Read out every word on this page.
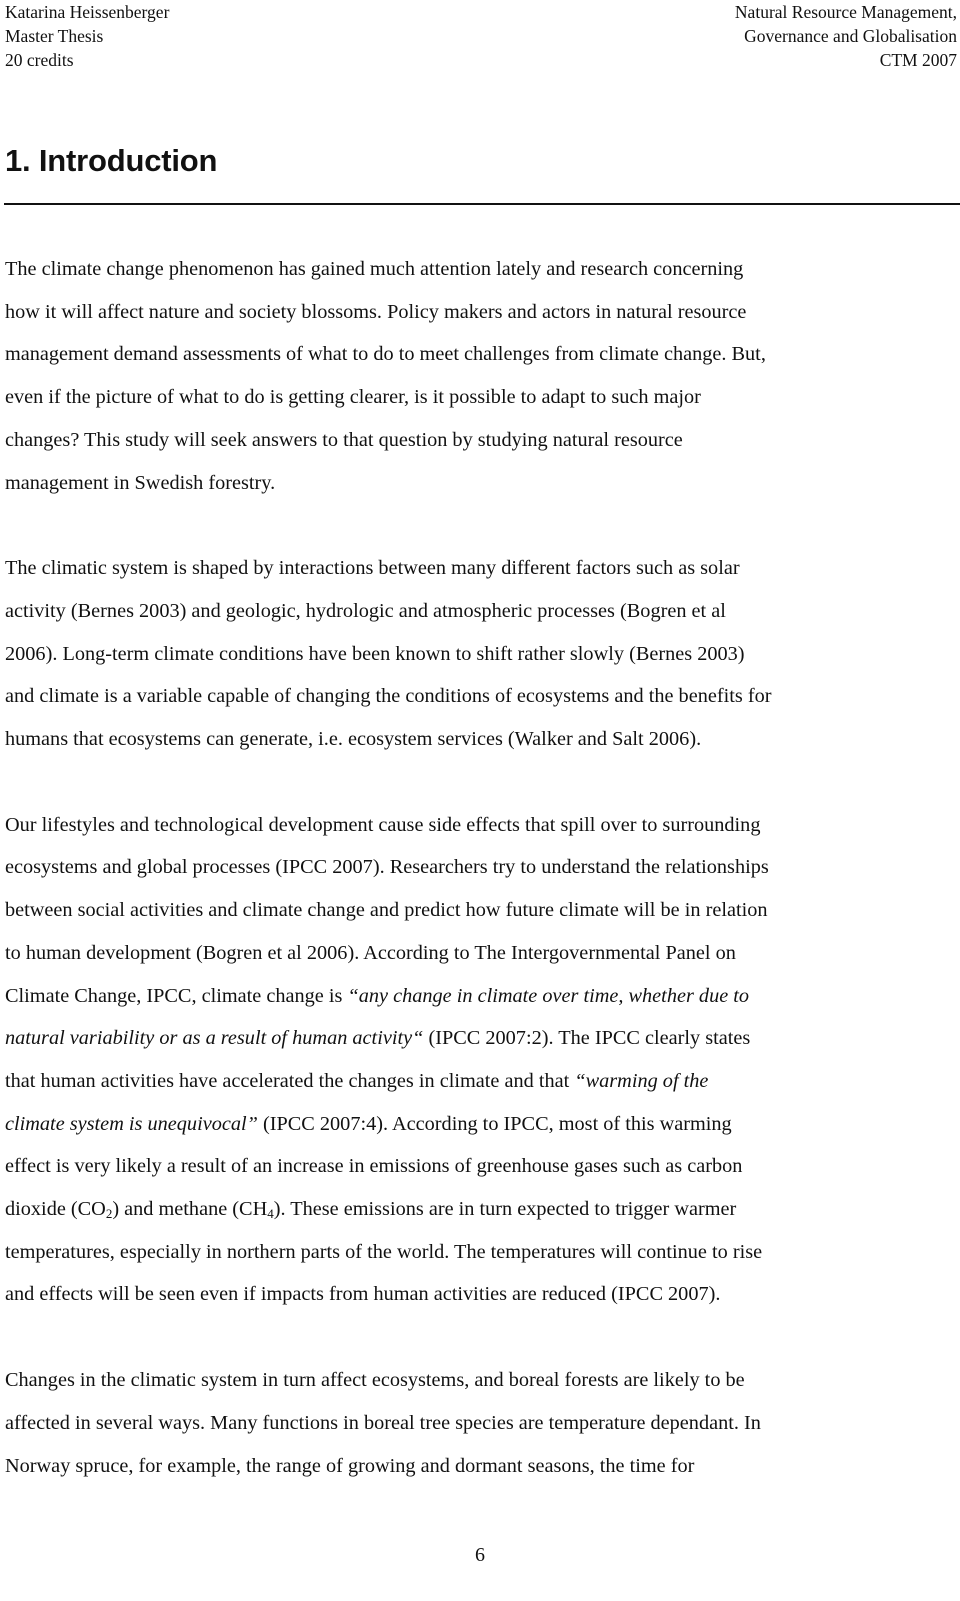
Katarina Heissenberger
Master Thesis
20 credits
Natural Resource Management,
Governance and Globalisation
CTM 2007
1. Introduction

The climate change phenomenon has gained much attention lately and research concerning
how it will affect nature and society blossoms. Policy makers and actors in natural resource
management demand assessments of what to do to meet challenges from climate change. But,
even if the picture of what to do is getting clearer, is it possible to adapt to such major
changes? This study will seek answers to that question by studying natural resource
management in Swedish forestry.

The climatic system is shaped by interactions between many different factors such as solar
activity (Bernes 2003) and geologic, hydrologic and atmospheric processes (Bogren et al
2006). Long-term climate conditions have been known to shift rather slowly (Bernes 2003)
and climate is a variable capable of changing the conditions of ecosystems and the benefits for
humans that ecosystems can generate, i.e. ecosystem services (Walker and Salt 2006).

Our lifestyles and technological development cause side effects that spill over to surrounding
ecosystems and global processes (IPCC 2007). Researchers try to understand the relationships
between social activities and climate change and predict how future climate will be in relation
to human development (Bogren et al 2006). According to The Intergovernmental Panel on
Climate Change, IPCC, climate change is “any change in climate over time, whether due to
natural variability or as a result of human activity“ (IPCC 2007:2). The IPCC clearly states
that human activities have accelerated the changes in climate and that “warming of the
climate system is unequivocal” (IPCC 2007:4). According to IPCC, most of this warming
effect is very likely a result of an increase in emissions of greenhouse gases such as carbon
dioxide $(CO_2)$ and methane $(CH_4)$. These emissions are in turn expected to trigger warmer
temperatures, especially in northern parts of the world. The temperatures will continue to rise
and effects will be seen even if impacts from human activities are reduced (IPCC 2007).

Changes in the climatic system in turn affect ecosystems, and boreal forests are likely to be
affected in several ways. Many functions in boreal tree species are temperature dependant. In
Norway spruce, for example, the range of growing and dormant seasons, the time for

6
